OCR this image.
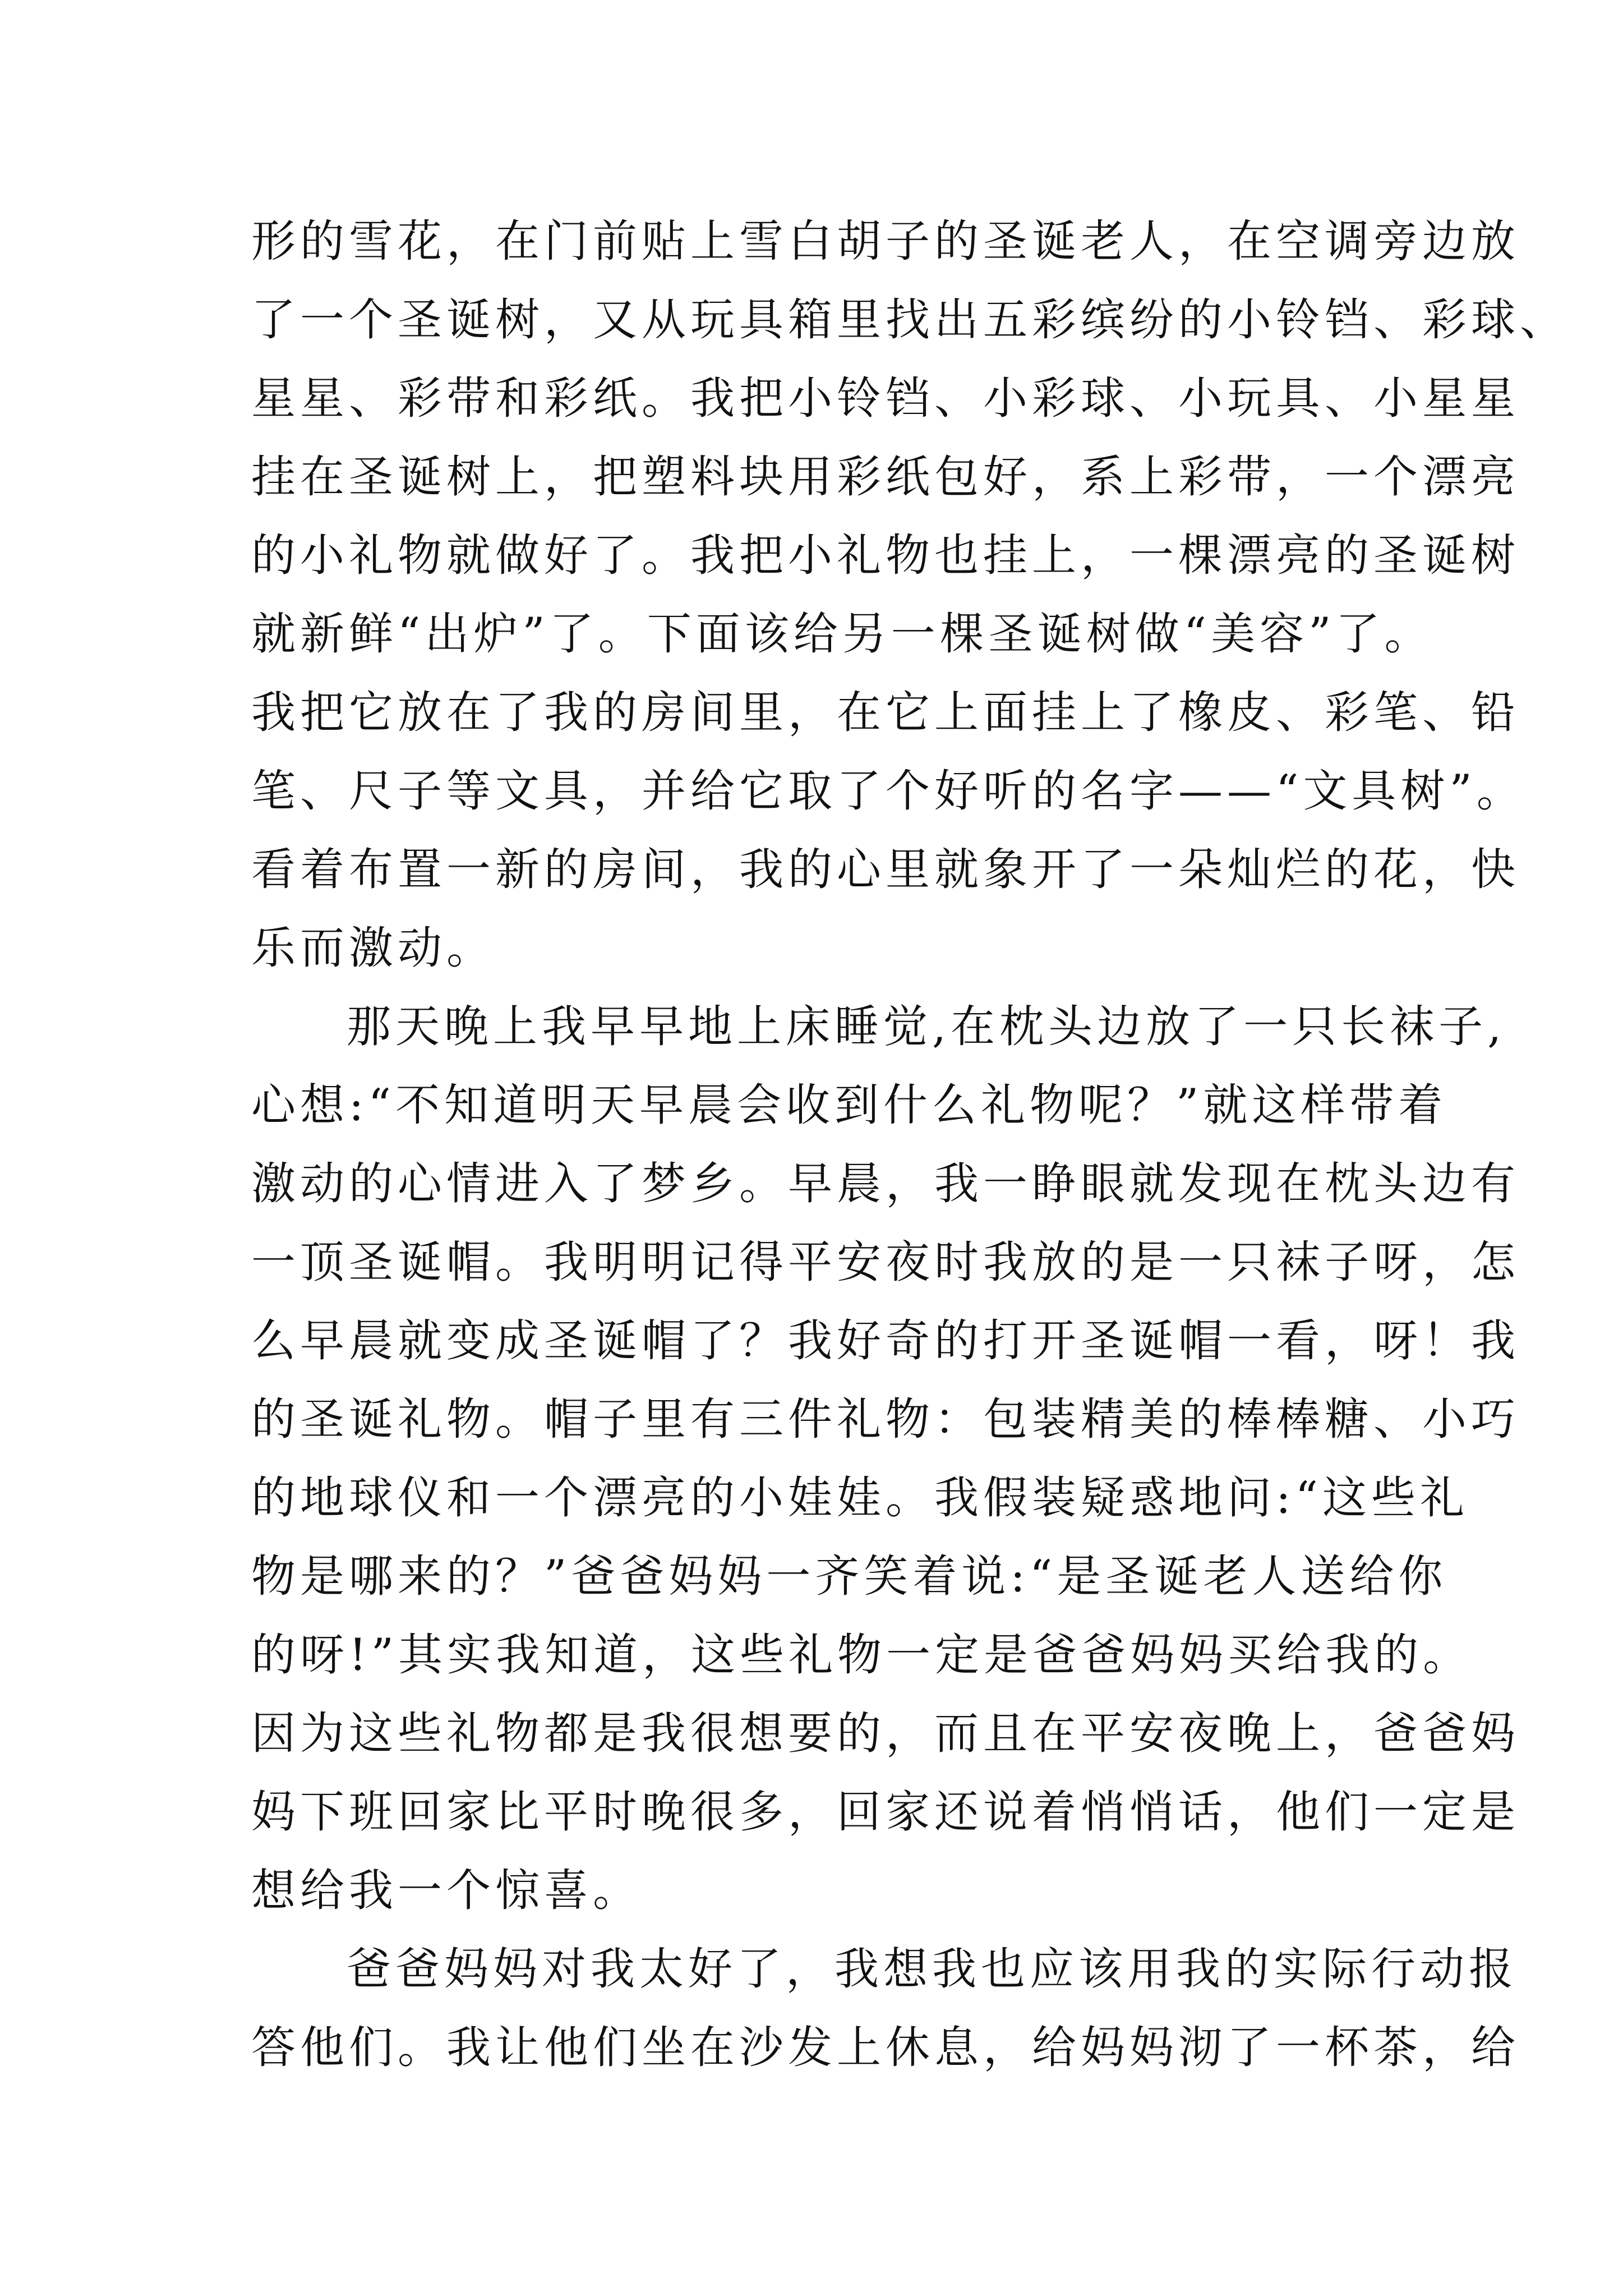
形的雪花，在门前贴上雪白胡子的圣诞老人，在空调旁边放
了一个圣诞树，又从玩具箱里找出五彩缤纷的小铃铛、彩球、
星星、彩带和彩纸。我把小铃铛、小彩球、小玩具、小星星
挂在圣诞树上，把塑料块用彩纸包好，系上彩带，一个漂亮
的小礼物就做好了。我把小礼物也挂上，一棵漂亮的圣诞树
就新鲜“出炉”了。下面该给另一棵圣诞树做“美容”了。
我把它放在了我的房间里，在它上面挂上了橡皮、彩笔、铅
笔、尺子等文具，并给它取了个好听的名字——“文具树”。
看着布置一新的房间，我的心里就象开了一朵灿烂的花，快
乐而激动。
那天晚上我早早地上床睡觉,在枕头边放了一只长袜子,
心想:“不知道明天早晨会收到什么礼物呢？”就这样带着
激动的心情进入了梦乡。早晨，我一睁眼就发现在枕头边有
一顶圣诞帽。我明明记得平安夜时我放的是一只袜子呀，怎
么早晨就变成圣诞帽了？我好奇的打开圣诞帽一看，呀！我
的圣诞礼物。帽子里有三件礼物：包装精美的棒棒糖、小巧
的地球仪和一个漂亮的小娃娃。我假装疑惑地问:“这些礼
物是哪来的？”爸爸妈妈一齐笑着说:“是圣诞老人送给你
的呀!”其实我知道，这些礼物一定是爸爸妈妈买给我的。
因为这些礼物都是我很想要的，而且在平安夜晚上，爸爸妈
妈下班回家比平时晚很多，回家还说着悄悄话，他们一定是
想给我一个惊喜。
爸爸妈妈对我太好了，我想我也应该用我的实际行动报
答他们。我让他们坐在沙发上休息，给妈妈沏了一杯茶，给
